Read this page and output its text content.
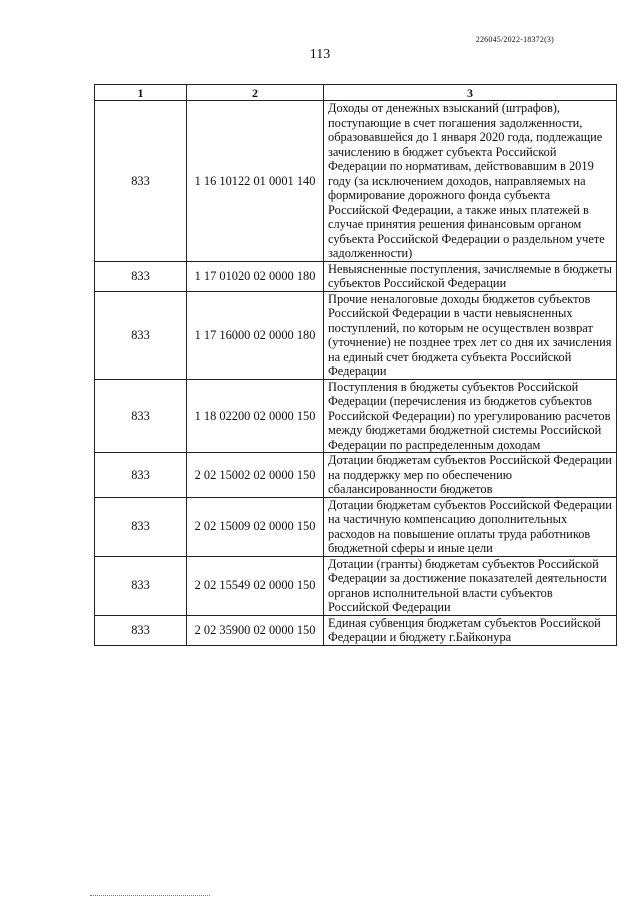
226045/2022-18372(3)
113
1	2	3
833	1 16 10122 01 0001 140	Доходы от денежных взысканий (штрафов), поступающие в счет погашения задолженности, образовавшейся до 1 января 2020 года, подлежащие зачислению в бюджет субъекта Российской Федерации по нормативам, действовавшим в 2019 году (за исключением доходов, направляемых на формирование дорожного фонда субъекта Российской Федерации, а также иных платежей в случае принятия решения финансовым органом субъекта Российской Федерации о раздельном учете задолженности)
833	1 17 01020 02 0000 180	Невыясненные поступления, зачисляемые в бюджеты субъектов Российской Федерации
833	1 17 16000 02 0000 180	Прочие неналоговые доходы бюджетов субъектов Российской Федерации в части невыясненных поступлений, по которым не осуществлен возврат (уточнение) не позднее трех лет со дня их зачисления на единый счет бюджета субъекта Российской Федерации
833	1 18 02200 02 0000 150	Поступления в бюджеты субъектов Российской Федерации (перечисления из бюджетов субъектов Российской Федерации) по урегулированию расчетов между бюджетами бюджетной системы Российской Федерации по распределенным доходам
833	2 02 15002 02 0000 150	Дотации бюджетам субъектов Российской Федерации на поддержку мер по обеспечению сбалансированности бюджетов
833	2 02 15009 02 0000 150	Дотации бюджетам субъектов Российской Федерации на частичную компенсацию дополнительных расходов на повышение оплаты труда работников бюджетной сферы и иные цели
833	2 02 15549 02 0000 150	Дотации (гранты) бюджетам субъектов Российской Федерации за достижение показателей деятельности органов исполнительной власти субъектов Российской Федерации
833	2 02 35900 02 0000 150	Единая субвенция бюджетам субъектов Российской Федерации и бюджету г.Байконура
